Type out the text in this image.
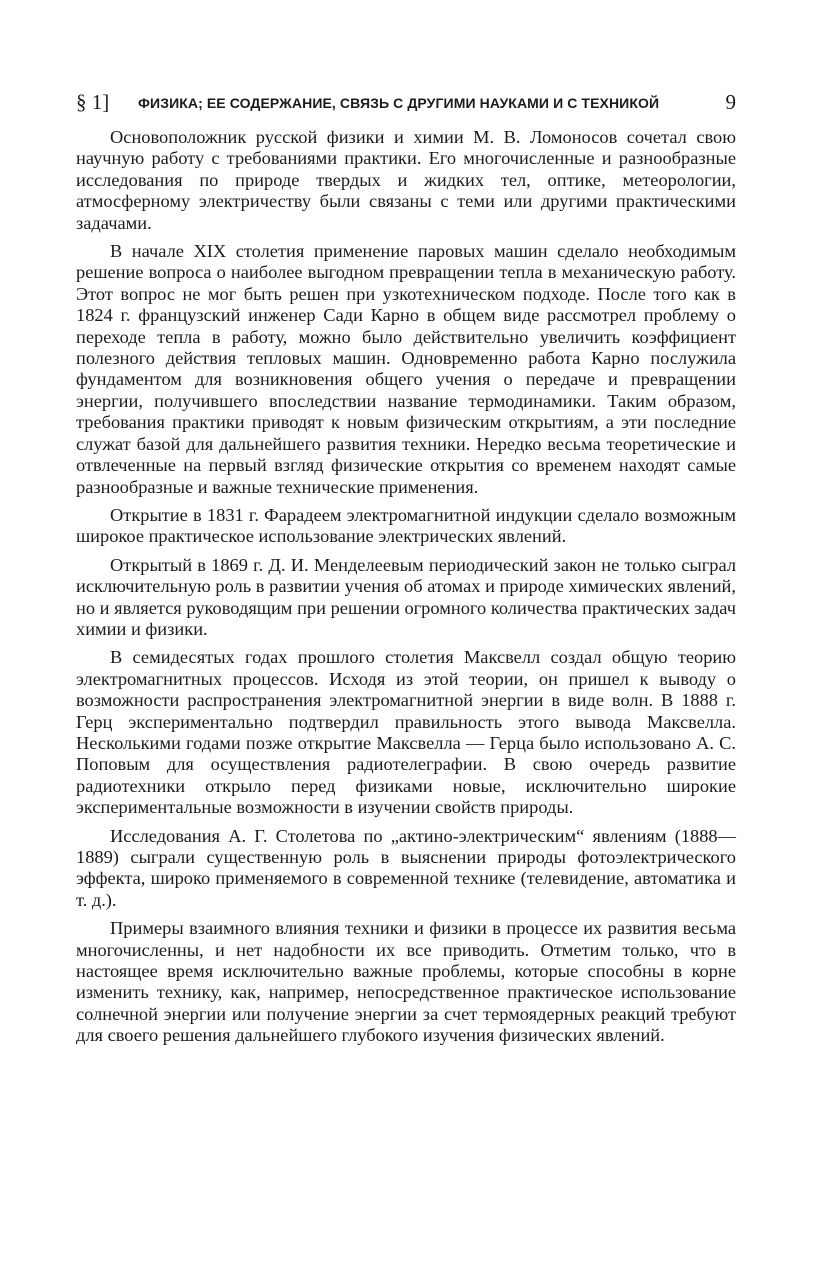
§ 1] ФИЗИКА; ЕЕ СОДЕРЖАНИЕ, СВЯЗЬ С ДРУГИМИ НАУКАМИ И С ТЕХНИКОЙ	9

Основоположник русской физики и химии М. В. Ломоносов сочетал свою научную работу с требованиями практики. Его многочисленные и разнообразные исследования по природе твердых и жидких тел, оптике, метеорологии, атмосферному электричеству были связаны с теми или другими практическими задачами.

В начале XIX столетия применение паровых машин сделало необходимым решение вопроса о наиболее выгодном превращении тепла в механическую работу. Этот вопрос не мог быть решен при узкотехническом подходе. После того как в 1824 г. французский инженер Сади Карно в общем виде рассмотрел проблему о переходе тепла в работу, можно было действительно увеличить коэффициент полезного действия тепловых машин. Одновременно работа Карно послужила фундаментом для возникновения общего учения о передаче и превращении энергии, получившего впоследствии название термодинамики. Таким образом, требования практики приводят к новым физическим открытиям, а эти последние служат базой для дальнейшего развития техники. Нередко весьма теоретические и отвлеченные на первый взгляд физические открытия со временем находят самые разнообразные и важные технические применения.

Открытие в 1831 г. Фарадеем электромагнитной индукции сделало возможным широкое практическое использование электрических явлений.

Открытый в 1869 г. Д. И. Менделеевым периодический закон не только сыграл исключительную роль в развитии учения об атомах и природе химических явлений, но и является руководящим при решении огромного количества практических задач химии и физики.

В семидесятых годах прошлого столетия Максвелл создал общую теорию электромагнитных процессов. Исходя из этой теории, он пришел к выводу о возможности распространения электромагнитной энергии в виде волн. В 1888 г. Герц экспериментально подтвердил правильность этого вывода Максвелла. Несколькими годами позже открытие Максвелла — Герца было использовано А. С. Поповым для осуществления радиотелеграфии. В свою очередь развитие радиотехники открыло перед физиками новые, исключительно широкие экспериментальные возможности в изучении свойств природы.

Исследования А. Г. Столетова по „актино-электрическим“ явлениям (1888—1889) сыграли существенную роль в выяснении природы фотоэлектрического эффекта, широко применяемого в современной технике (телевидение, автоматика и т. д.).

Примеры взаимного влияния техники и физики в процессе их развития весьма многочисленны, и нет надобности их все приводить. Отметим только, что в настоящее время исключительно важные проблемы, которые способны в корне изменить технику, как, например, непосредственное практическое использование солнечной энергии или получение энергии за счет термоядерных реакций требуют для своего решения дальнейшего глубокого изучения физических явлений.
